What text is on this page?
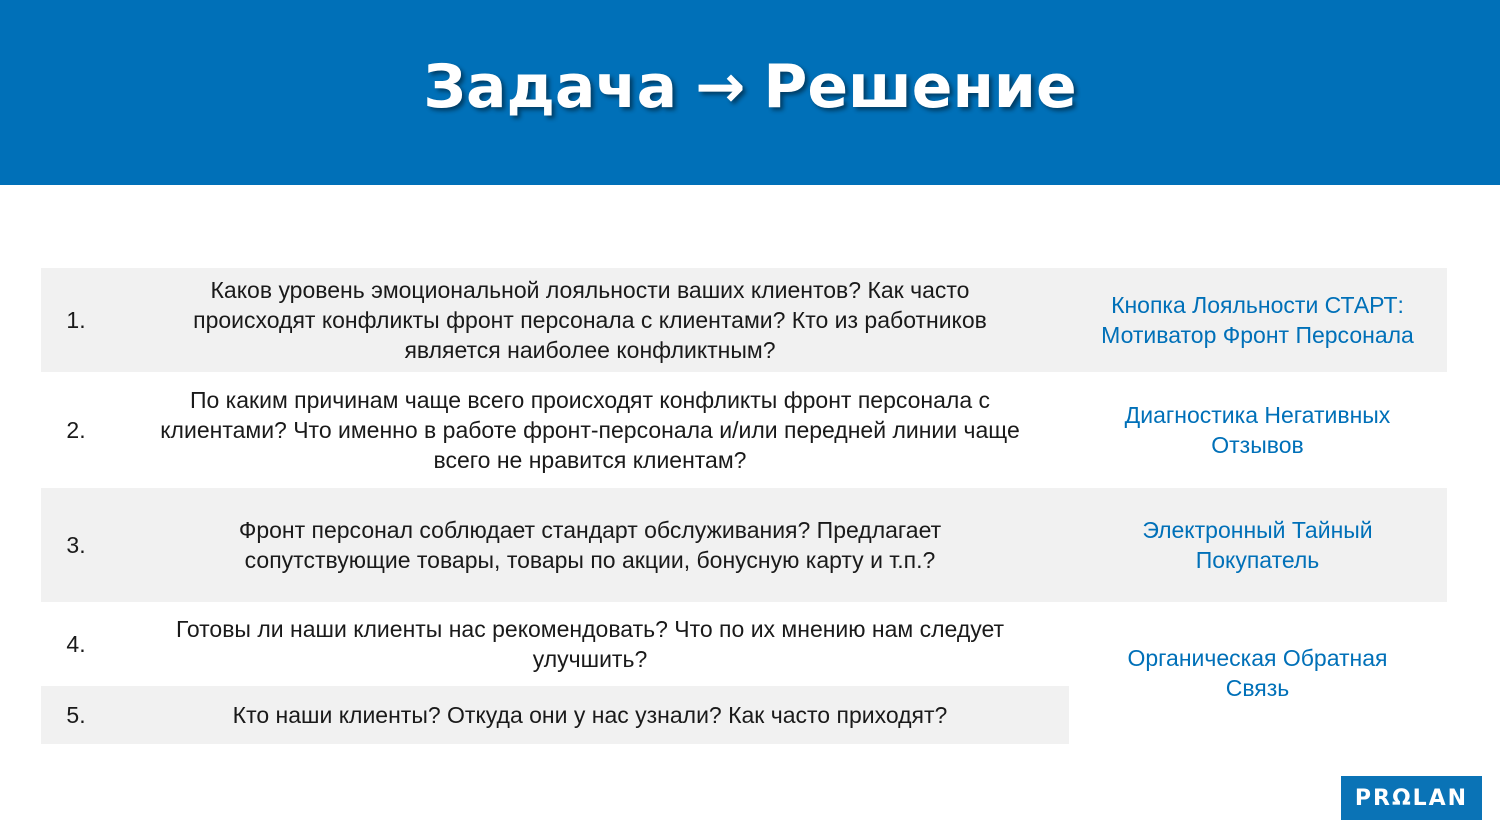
Задача → Решение
1.
Каков уровень эмоциональной лояльности ваших клиентов? Как часто происходят конфликты фронт персонала с клиентами? Кто из работников является наиболее конфликтным?
Кнопка Лояльности СТАРТ: Мотиватор Фронт Персонала
2.
По каким причинам чаще всего происходят конфликты фронт персонала с клиентами? Что именно в работе фронт-персонала и/или передней линии чаще всего не нравится клиентам?
Диагностика Негативных Отзывов
3.
Фронт персонал соблюдает стандарт обслуживания? Предлагает сопутствующие товары, товары по акции, бонусную карту и т.п.?
Электронный Тайный Покупатель
4.
Готовы ли наши клиенты нас рекомендовать? Что по их мнению нам следует улучшить?
5.	Кто наши клиенты? Откуда они у нас узнали? Как часто приходят?
Органическая Обратная Связь
PRΩLAN
